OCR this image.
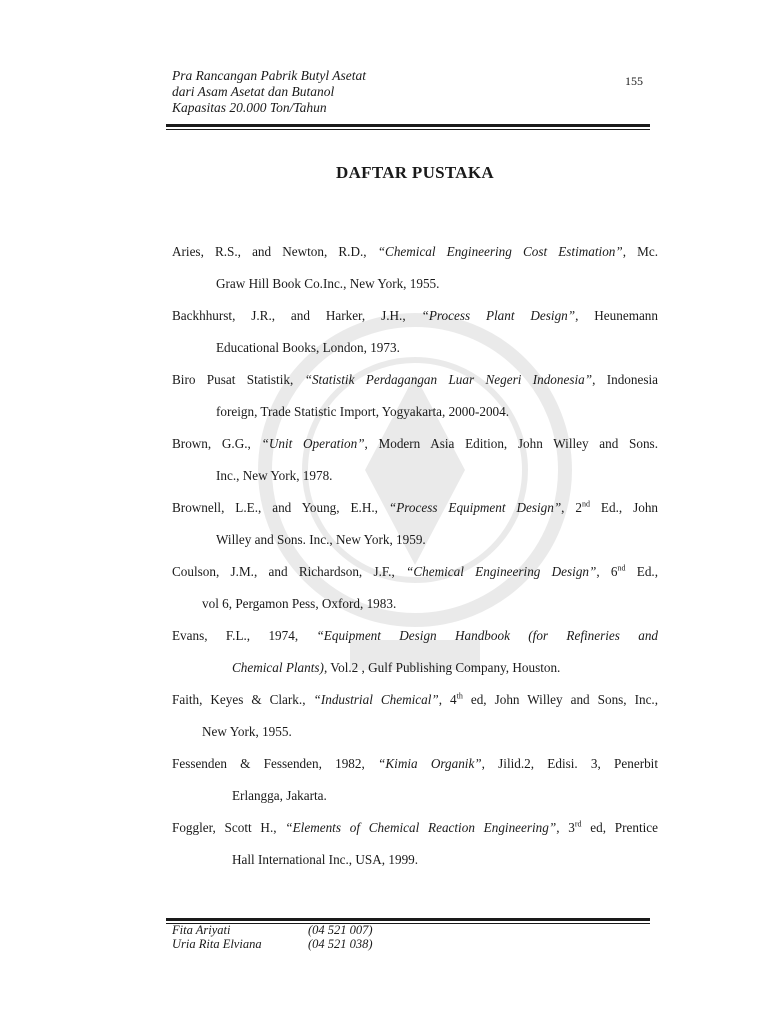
Pra Rancangan Pabrik Butyl Asetat
dari Asam Asetat dan Butanol
Kapasitas 20.000 Ton/Tahun
155
DAFTAR PUSTAKA
Aries, R.S., and Newton, R.D., “Chemical Engineering Cost Estimation”, Mc.
Graw Hill Book Co.Inc., New York, 1955.
Backhhurst, J.R., and Harker, J.H., “Process Plant Design”, Heunemann
Educational Books, London, 1973.
Biro Pusat Statistik, “Statistik Perdagangan Luar Negeri Indonesia”, Indonesia
foreign, Trade Statistic Import, Yogyakarta, 2000-2004.
Brown, G.G., “Unit Operation”, Modern Asia Edition, John Willey and Sons.
Inc., New York, 1978.
Brownell, L.E., and Young, E.H., “Process Equipment Design”, 2nd Ed., John
Willey and Sons. Inc., New York, 1959.
Coulson, J.M., and Richardson, J.F., “Chemical Engineering Design”, 6nd Ed.,
vol 6, Pergamon Pess, Oxford, 1983.
Evans, F.L., 1974, “Equipment Design Handbook (for Refineries and
Chemical Plants), Vol.2 , Gulf Publishing Company, Houston.
Faith, Keyes & Clark., “Industrial Chemical”, 4th ed, John Willey and Sons, Inc.,
New York, 1955.
Fessenden & Fessenden, 1982, “Kimia Organik”, Jilid.2, Edisi. 3, Penerbit
Erlangga, Jakarta.
Foggler, Scott H., “Elements of Chemical Reaction Engineering”, 3rd ed, Prentice
Hall International Inc., USA, 1999.
Fita Ariyati	(04 521 007)
Uria Rita Elviana	(04 521 038)
